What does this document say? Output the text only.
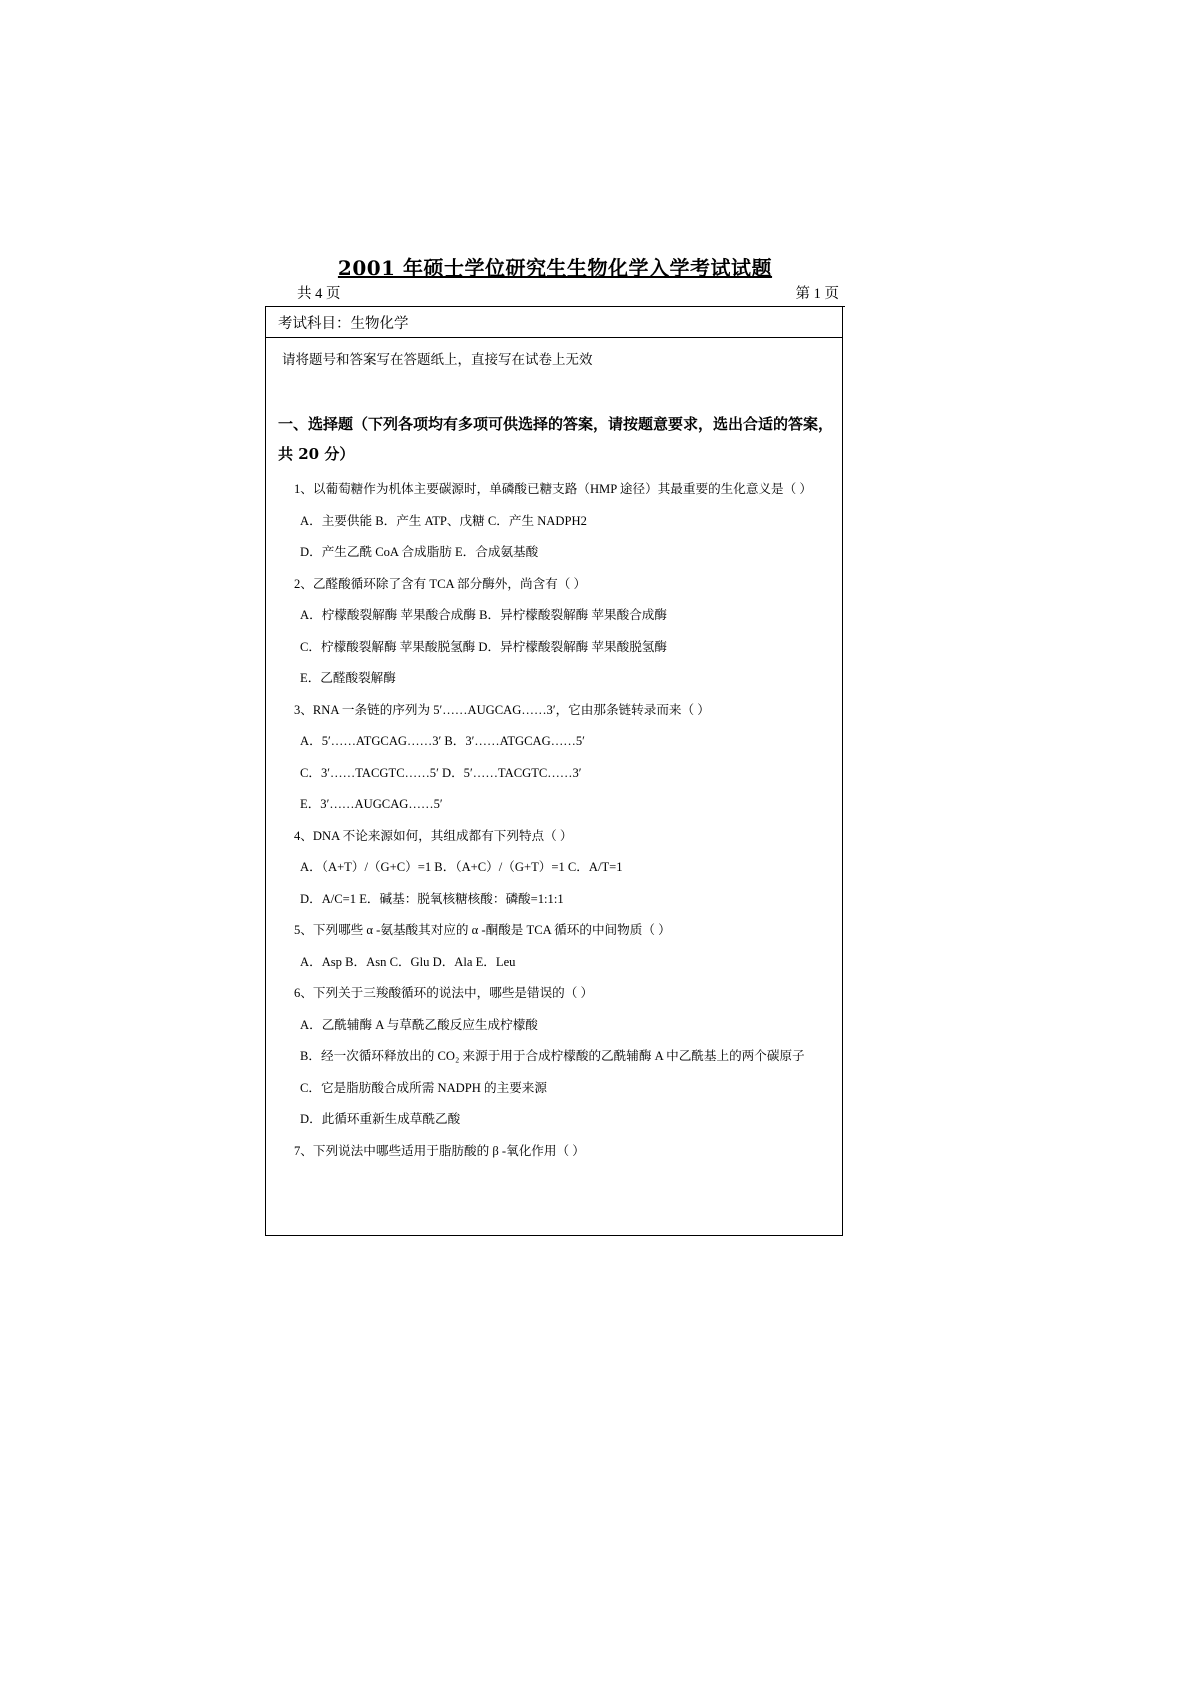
2001 年硕士学位研究生生物化学入学考试试题
共 4 页	第 1 页
考试科目：生物化学
请将题号和答案写在答题纸上，直接写在试卷上无效
一、选择题（下列各项均有多项可供选择的答案，请按题意要求，选出合适的答案，共 20 分）
1、以葡萄糖作为机体主要碳源时，单磷酸已糖支路（HMP 途径）其最重要的生化意义是（ ）
A．主要供能 B．产生 ATP、戊糖 C．产生 NADPH2
D．产生乙酰 CoA 合成脂肪 E．合成氨基酸
2、乙醛酸循环除了含有 TCA 部分酶外，尚含有（ ）
A．柠檬酸裂解酶 苹果酸合成酶 B．异柠檬酸裂解酶 苹果酸合成酶
C．柠檬酸裂解酶 苹果酸脱氢酶 D．异柠檬酸裂解酶 苹果酸脱氢酶
E．乙醛酸裂解酶
3、RNA 一条链的序列为 5′……AUGCAG……3′，它由那条链转录而来（ ）
A．5′……ATGCAG……3′ B．3′……ATGCAG……5′
C．3′……TACGTC……5′ D．5′……TACGTC……3′
E．3′……AUGCAG……5′
4、DNA 不论来源如何，其组成都有下列特点（ ）
A．（A+T）/（G+C）=1 B．（A+C）/（G+T）=1 C．A/T=1
D．A/C=1 E．碱基：脱氧核糖核酸：磷酸=1:1:1
5、下列哪些 α -氨基酸其对应的 α -酮酸是 TCA 循环的中间物质（ ）
A．Asp B．Asn C．Glu D．Ala E．Leu
6、下列关于三羧酸循环的说法中，哪些是错误的（ ）
A．乙酰辅酶 A 与草酰乙酸反应生成柠檬酸
B．经一次循环释放出的 CO₂ 来源于用于合成柠檬酸的乙酰辅酶 A 中乙酰基上的两个碳原子
C．它是脂肪酸合成所需 NADPH 的主要来源
D．此循环重新生成草酰乙酸
7、下列说法中哪些适用于脂肪酸的 β -氧化作用（ ）
